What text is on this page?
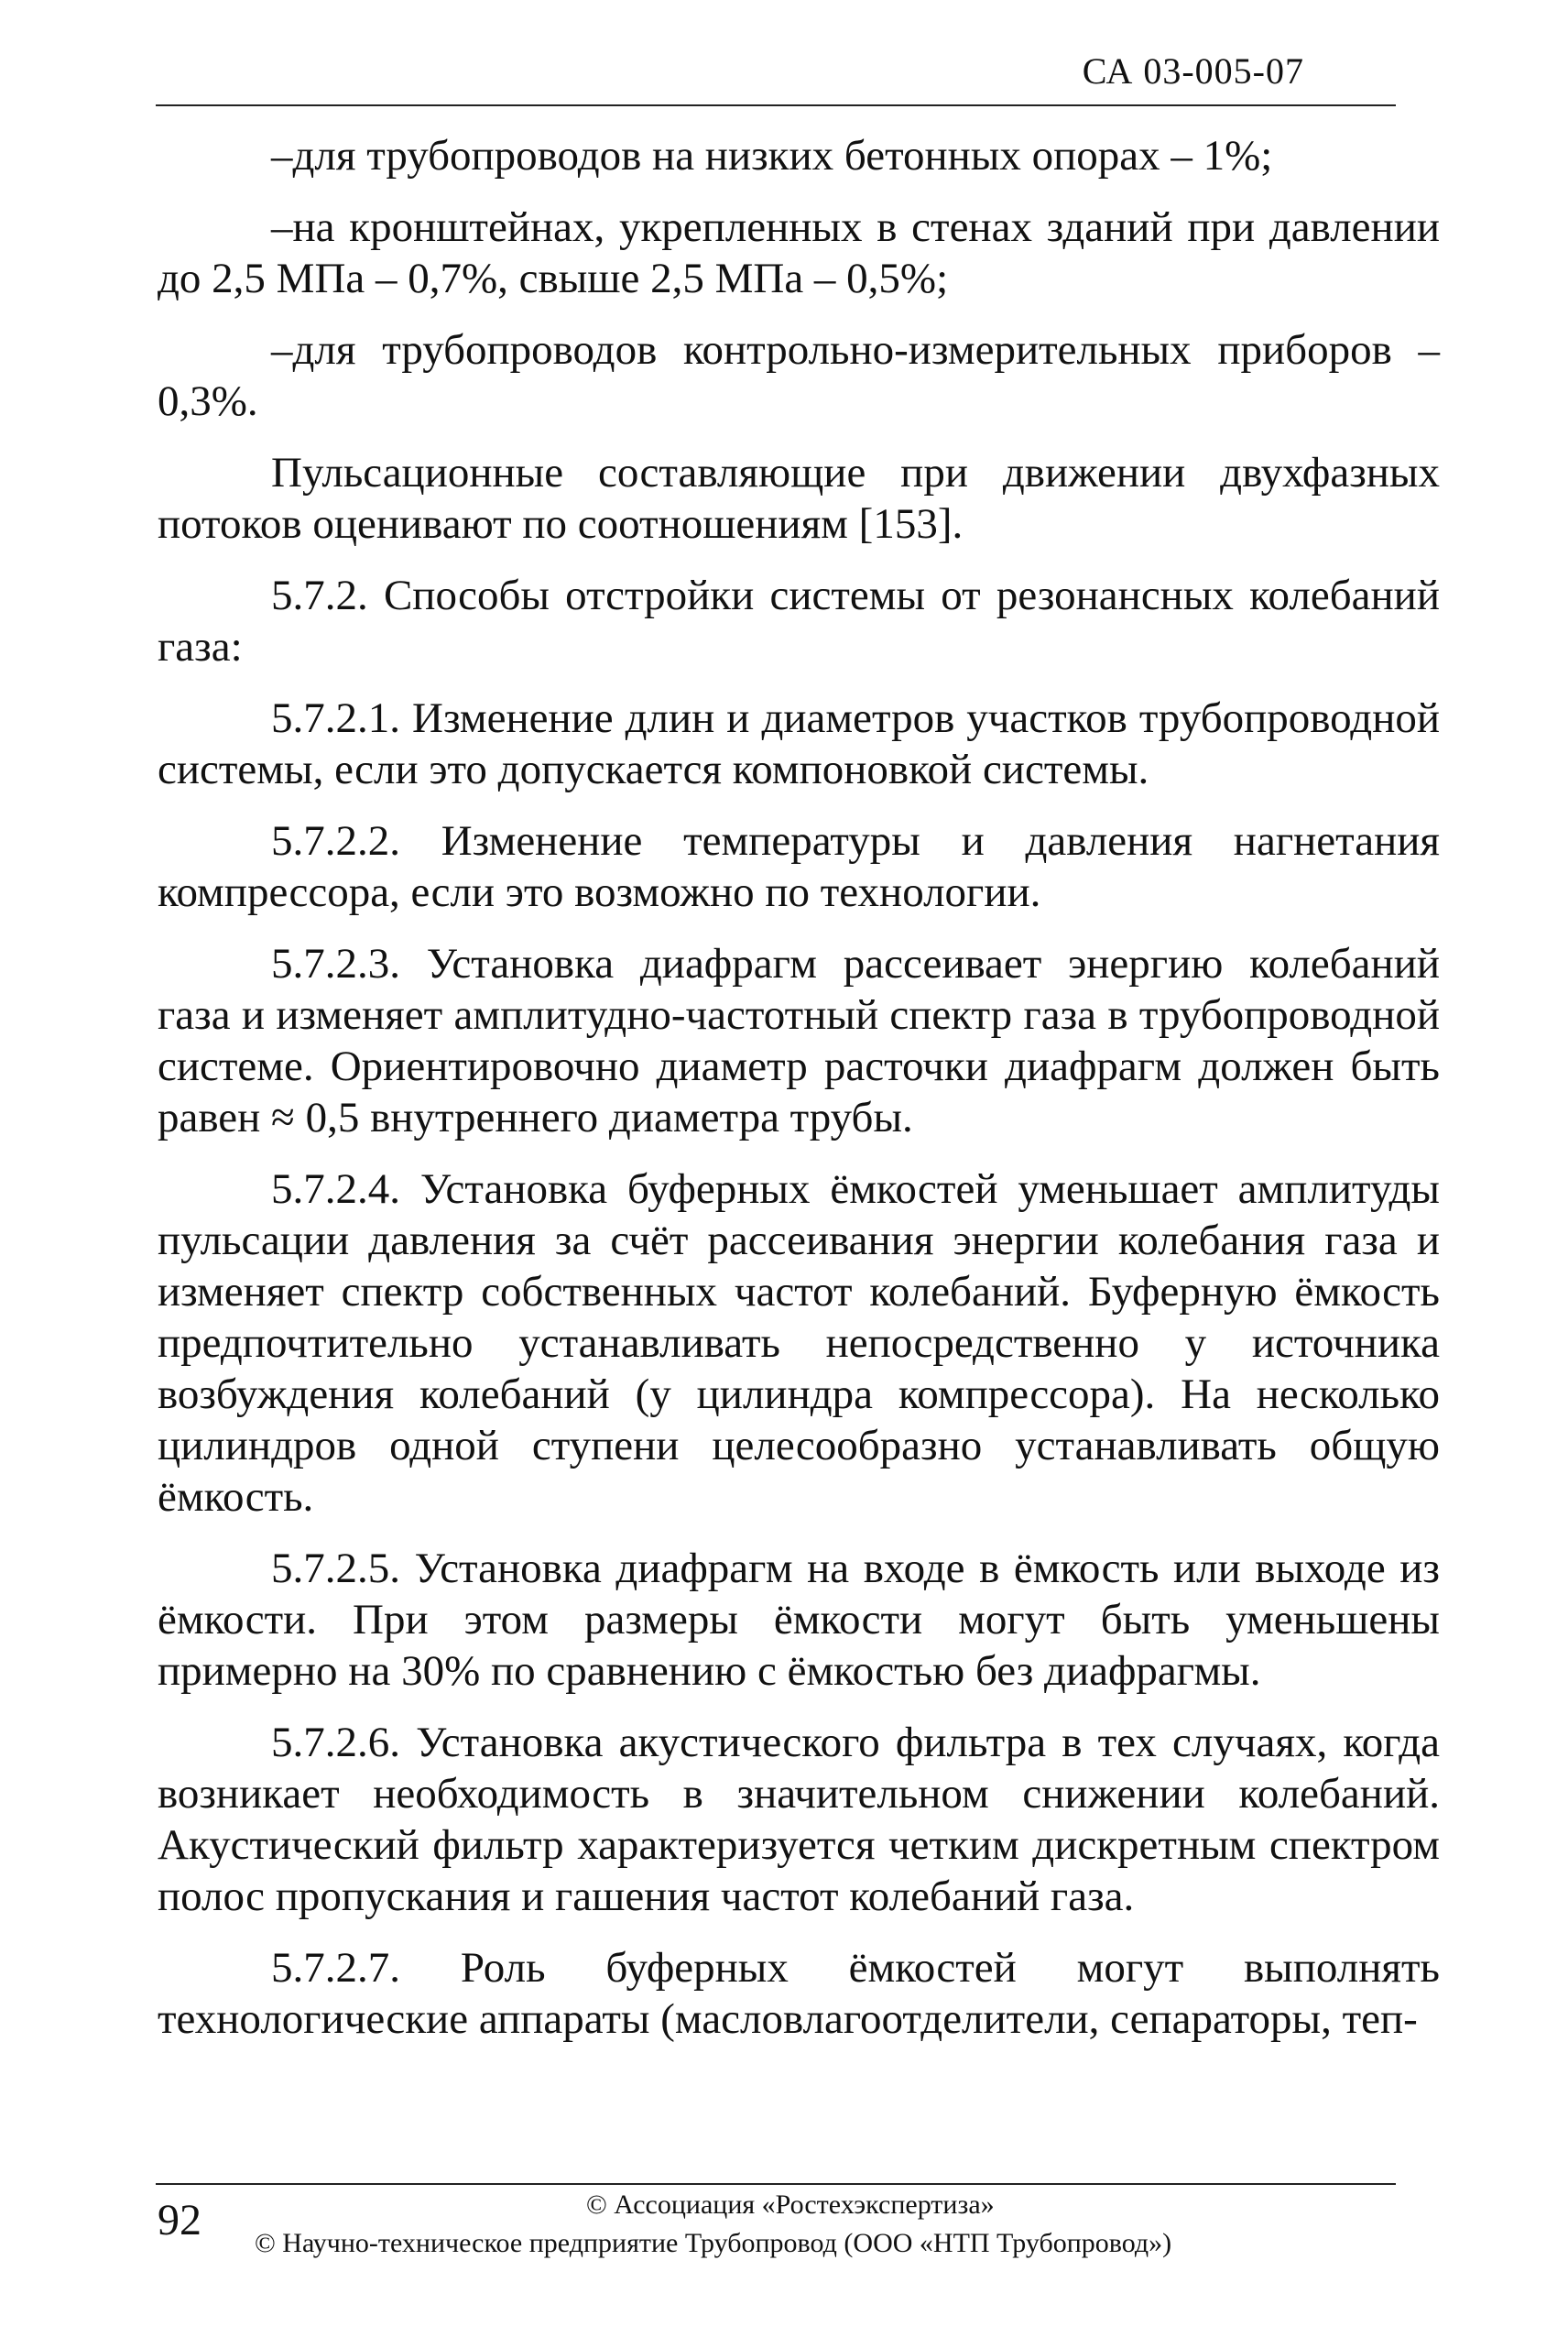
СА 03-005-07

–для трубопроводов на низких бетонных опорах – 1%;

–на кронштейнах, укрепленных в стенах зданий при давлении до 2,5 МПа – 0,7%, свыше 2,5 МПа – 0,5%;

–для трубопроводов контрольно-измерительных приборов – 0,3%.

Пульсационные составляющие при движении двухфазных потоков оценивают по соотношениям [153].

5.7.2. Способы отстройки системы от резонансных колебаний газа:

5.7.2.1. Изменение длин и диаметров участков трубопроводной системы, если это допускается компоновкой системы.

5.7.2.2. Изменение температуры и давления нагнетания компрессора, если это возможно по технологии.

5.7.2.3. Установка диафрагм рассеивает энергию колебаний газа и изменяет амплитудно-частотный спектр газа в трубопроводной системе. Ориентировочно диаметр расточки диафрагм должен быть равен ≈ 0,5 внутреннего диаметра трубы.

5.7.2.4. Установка буферных ёмкостей уменьшает амплитуды пульсации давления за счёт рассеивания энергии колебания газа и изменяет спектр собственных частот колебаний. Буферную ёмкость предпочтительно устанавливать непосредственно у источника возбуждения колебаний (у цилиндра компрессора). На несколько цилиндров одной ступени целесообразно устанавливать общую ёмкость.

5.7.2.5. Установка диафрагм на входе в ёмкость или выходе из ёмкости. При этом размеры ёмкости могут быть уменьшены примерно на 30% по сравнению с ёмкостью без диафрагмы.

5.7.2.6. Установка акустического фильтра в тех случаях, когда возникает необходимость в значительном снижении колебаний. Акустический фильтр характеризуется четким дискретным спектром полос пропускания и гашения частот колебаний газа.

5.7.2.7. Роль буферных ёмкостей могут выполнять технологические аппараты (масловлагоотделители, сепараторы, теп-

© Ассоциация «Ростехэкспертиза»
92 © Научно-техническое предприятие Трубопровод (ООО «НТП Трубопровод»)
